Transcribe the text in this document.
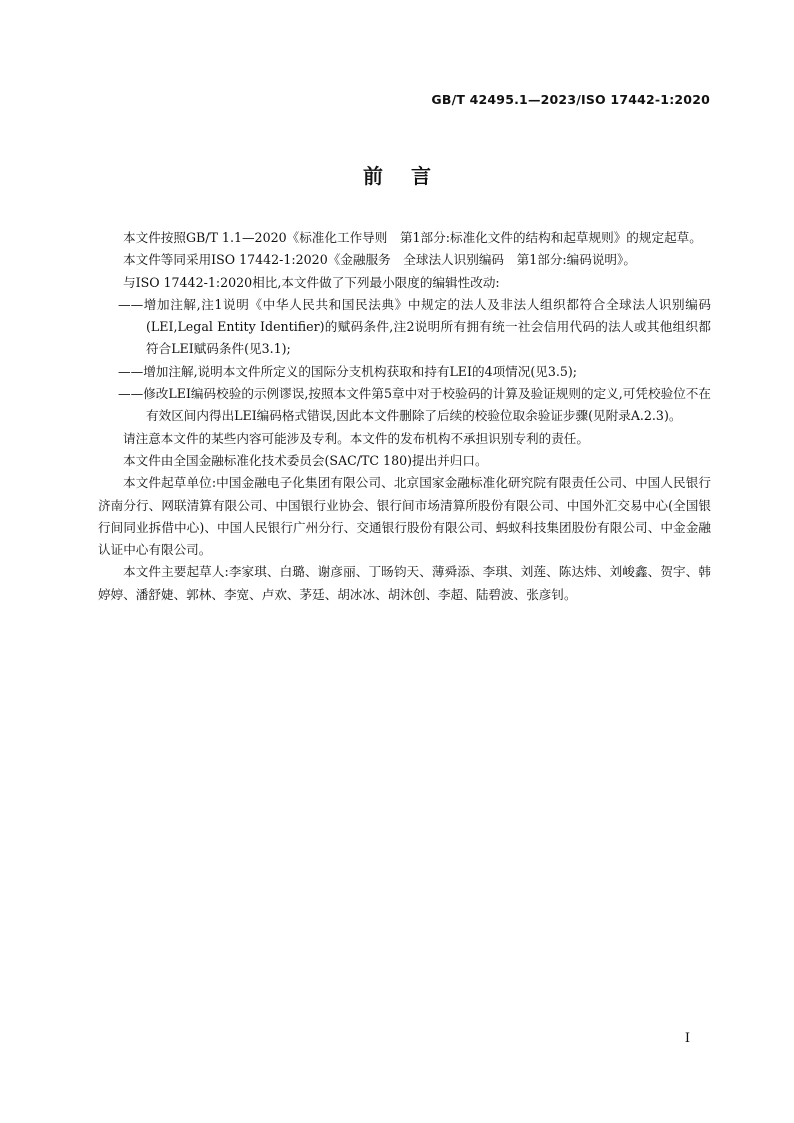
GB/T 42495.1—2023/ISO 17442-1:2020
前言

本文件按照GB/T 1.1—2020《标准化工作导则　第1部分:标准化文件的结构和起草规则》的规定起草。

本文件等同采用ISO 17442-1:2020《金融服务　全球法人识别编码　第1部分:编码说明》。

与ISO 17442-1:2020相比,本文件做了下列最小限度的编辑性改动:

——增加注解,注1说明《中华人民共和国民法典》中规定的法人及非法人组织都符合全球法人识别编码(LEI,Legal Entity Identifier)的赋码条件,注2说明所有拥有统一社会信用代码的法人或其他组织都符合LEI赋码条件(见3.1);

——增加注解,说明本文件所定义的国际分支机构获取和持有LEI的4项情况(见3.5);

——修改LEI编码校验的示例谬误,按照本文件第5章中对于校验码的计算及验证规则的定义,可凭校验位不在有效区间内得出LEI编码格式错误,因此本文件删除了后续的校验位取余验证步骤(见附录A.2.3)。

请注意本文件的某些内容可能涉及专利。本文件的发布机构不承担识别专利的责任。

本文件由全国金融标准化技术委员会(SAC/TC 180)提出并归口。

本文件起草单位:中国金融电子化集团有限公司、北京国家金融标准化研究院有限责任公司、中国人民银行济南分行、网联清算有限公司、中国银行业协会、银行间市场清算所股份有限公司、中国外汇交易中心(全国银行间同业拆借中心)、中国人民银行广州分行、交通银行股份有限公司、蚂蚁科技集团股份有限公司、中金金融认证中心有限公司。

本文件主要起草人:李家琪、白璐、谢彦丽、丁旸钧天、薄舜添、李琪、刘莲、陈达炜、刘峻鑫、贺宇、韩婷婷、潘舒婕、郭林、李宽、卢欢、茅廷、胡冰冰、胡沐创、李超、陆碧波、张彦钊。

I
